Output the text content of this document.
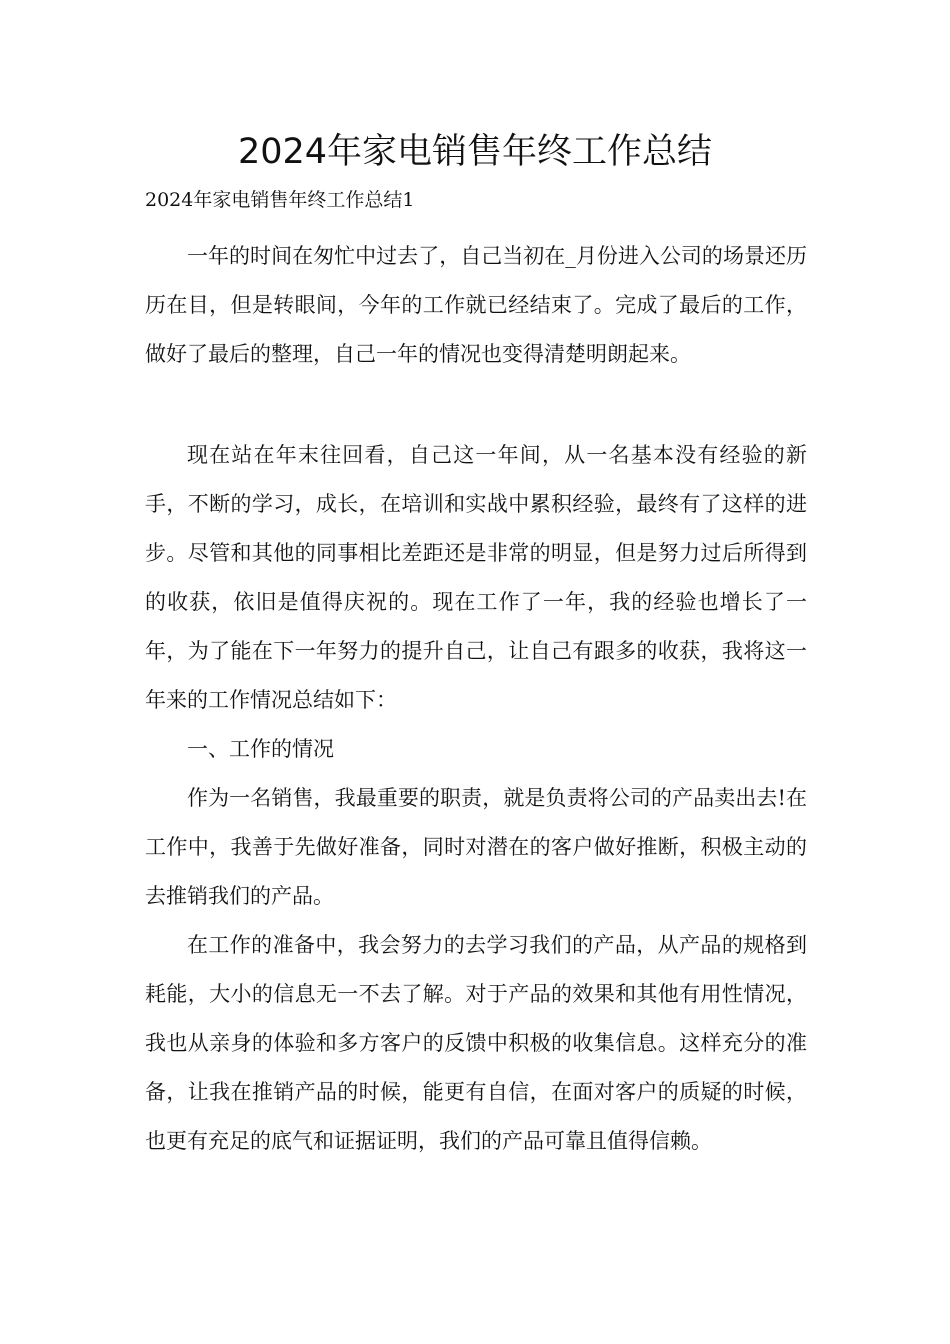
2024年家电销售年终工作总结

2024年家电销售年终工作总结1

一年的时间在匆忙中过去了，自己当初在_月份进入公司的场景还历历在目，但是转眼间，今年的工作就已经结束了。完成了最后的工作，做好了最后的整理，自己一年的情况也变得清楚明朗起来。

现在站在年末往回看，自己这一年间，从一名基本没有经验的新手，不断的学习，成长，在培训和实战中累积经验，最终有了这样的进步。尽管和其他的同事相比差距还是非常的明显，但是努力过后所得到的收获，依旧是值得庆祝的。现在工作了一年，我的经验也增长了一年，为了能在下一年努力的提升自己，让自己有跟多的收获，我将这一年来的工作情况总结如下：

一、工作的情况

作为一名销售，我最重要的职责，就是负责将公司的产品卖出去!在工作中，我善于先做好准备，同时对潜在的客户做好推断，积极主动的去推销我们的产品。

在工作的准备中，我会努力的去学习我们的产品，从产品的规格到耗能，大小的信息无一不去了解。对于产品的效果和其他有用性情况，我也从亲身的体验和多方客户的反馈中积极的收集信息。这样充分的准备，让我在推销产品的时候，能更有自信，在面对客户的质疑的时候，也更有充足的底气和证据证明，我们的产品可靠且值得信赖。
